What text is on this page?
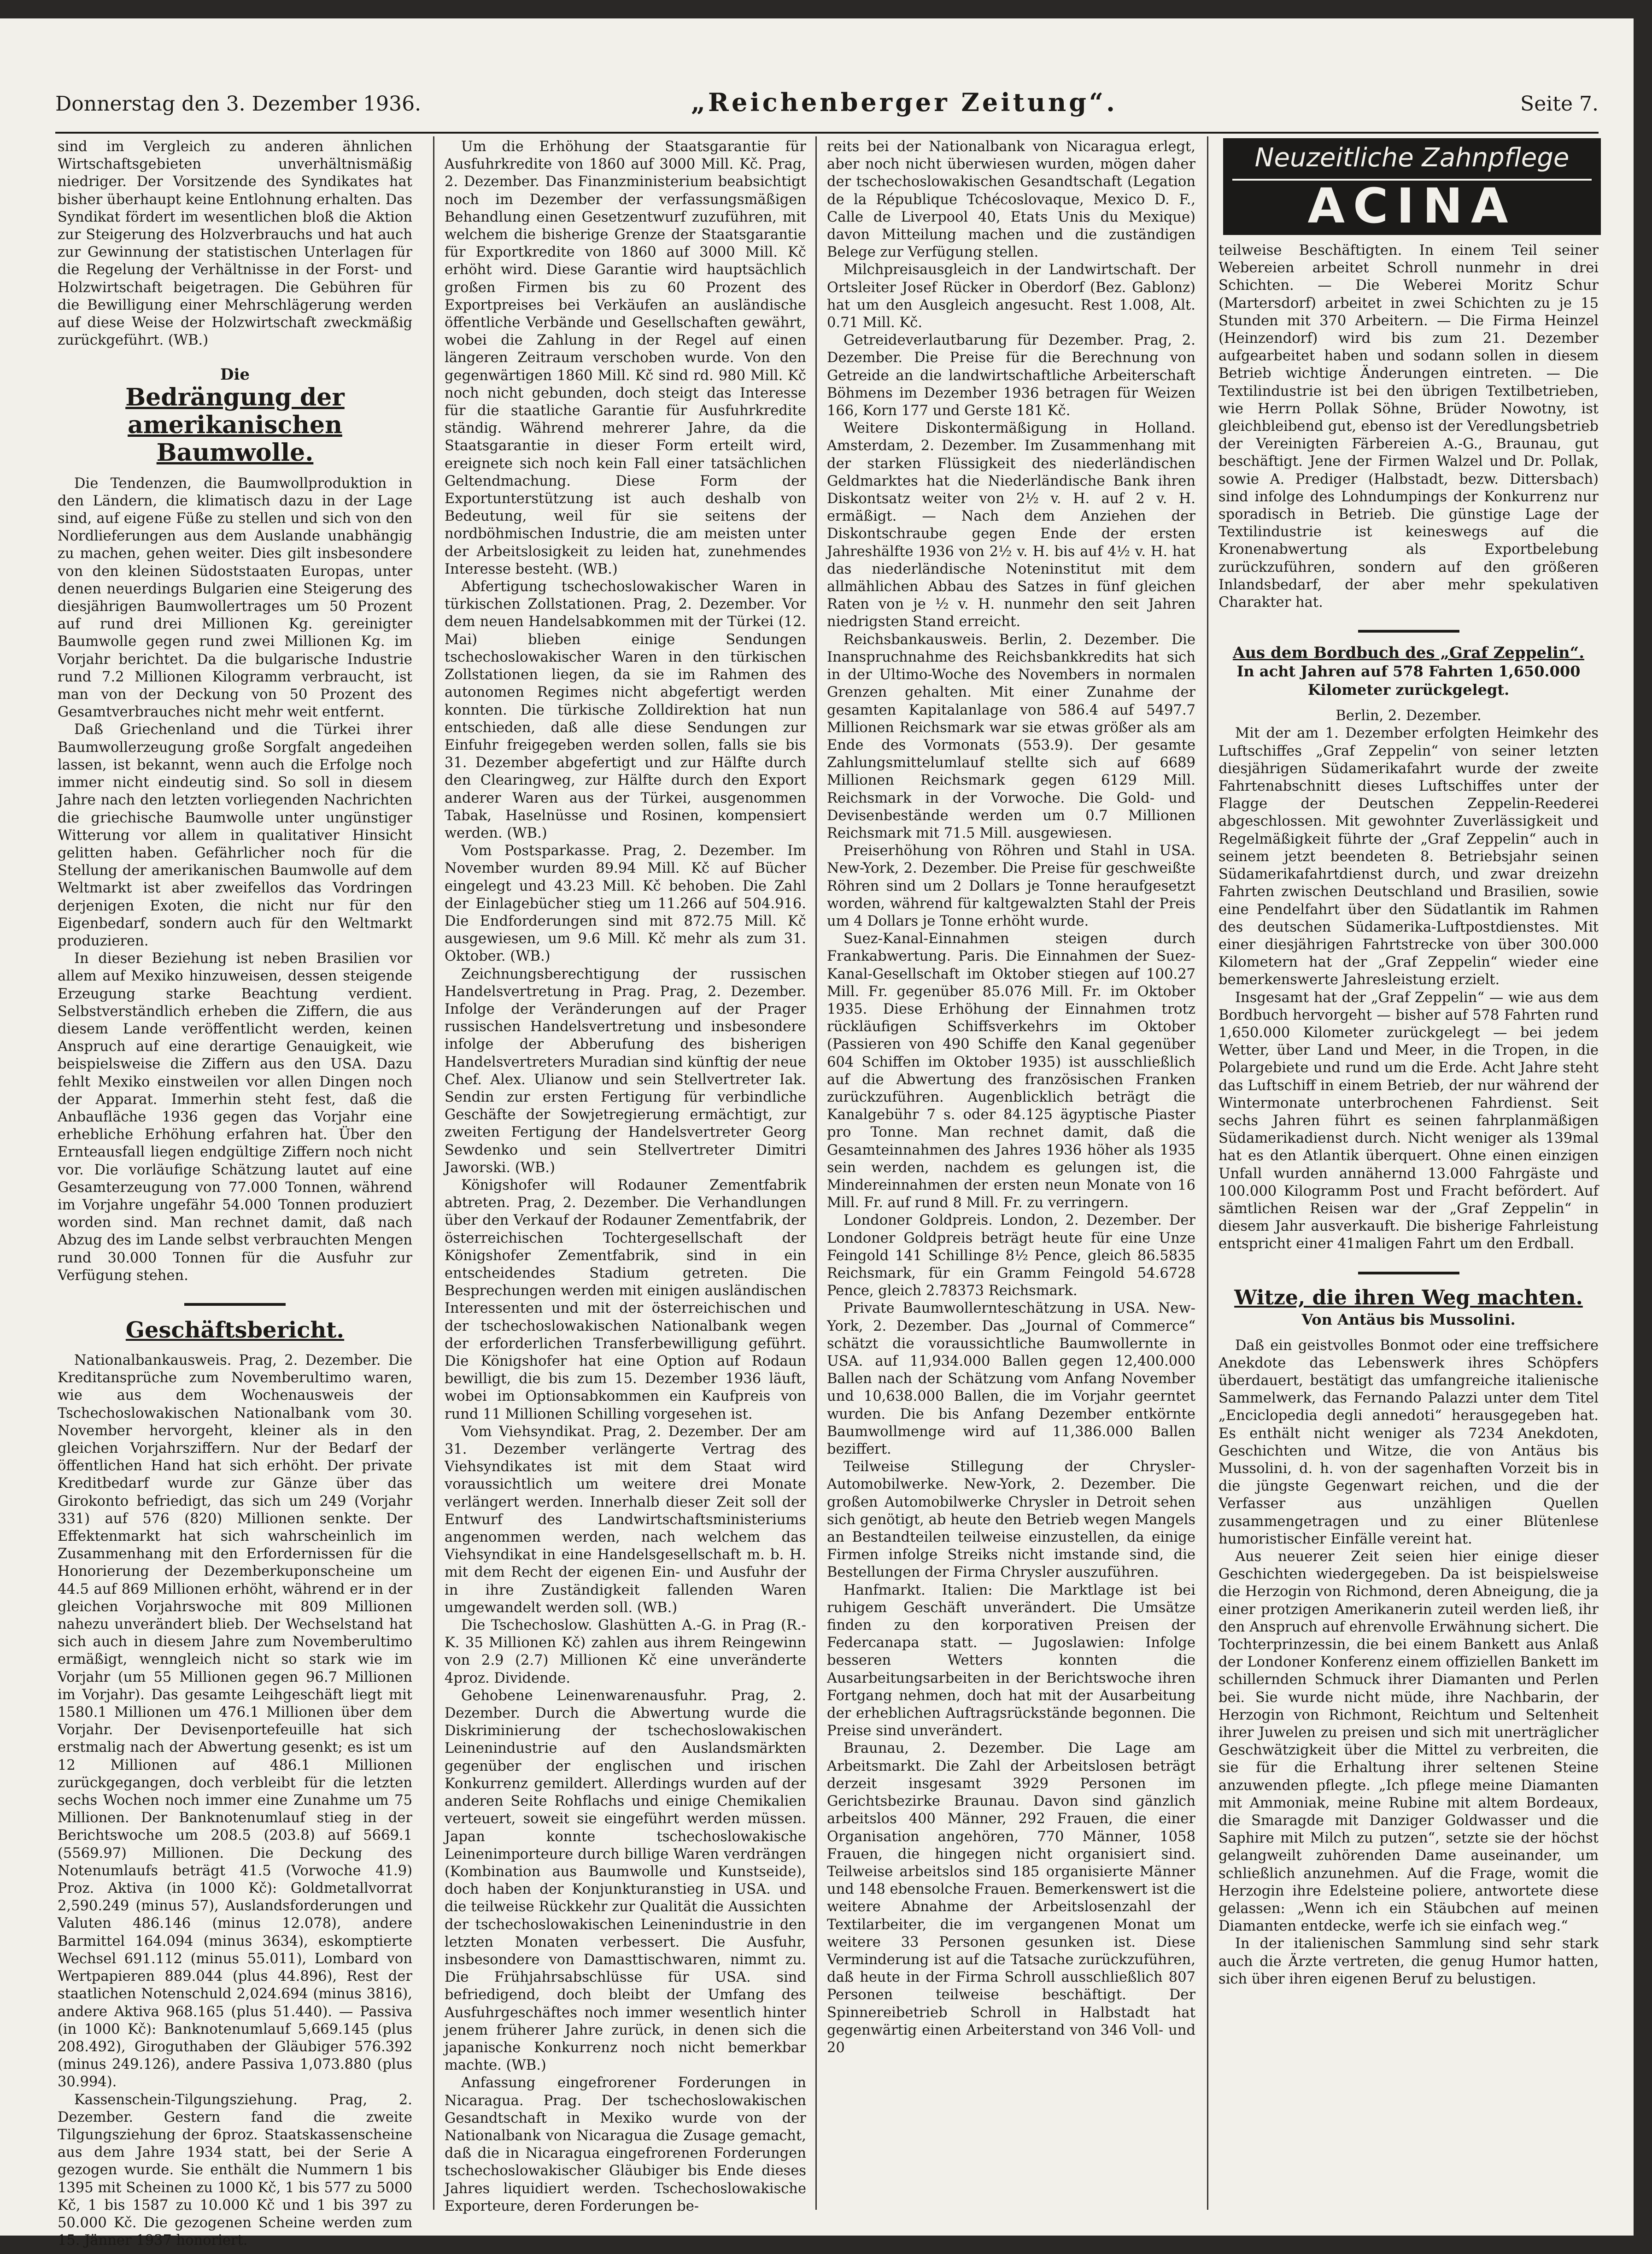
Donnerstag den 3. Dezember 1936.	„Reichenberger Zeitung“.	Seite 7.

sind im Vergleich zu anderen ähnlichen Wirtschaftsgebieten unverhältnismäßig niedriger. Der Vorsitzende des Syndikates hat bisher überhaupt keine Entlohnung erhalten. Das Syndikat fördert im wesentlichen bloß die Aktion zur Steigerung des Holzverbrauchs und hat auch zur Gewinnung der statistischen Unterlagen für die Regelung der Verhältnisse in der Forst- und Holzwirtschaft beigetragen. Die Gebühren für die Bewilligung einer Mehrschlägerung werden auf diese Weise der Holzwirtschaft zweckmäßig zurückgeführt. (WB.)

Die
Bedrängung der amerikanischen Baumwolle.

Die Tendenzen, die Baumwollproduktion in den Ländern, die klimatisch dazu in der Lage sind, auf eigene Füße zu stellen und sich von den Nordlieferungen aus dem Auslande unabhängig zu machen, gehen weiter. Dies gilt insbesondere von den kleinen Südoststaaten Europas, unter denen neuerdings Bulgarien eine Steigerung des diesjährigen Baumwollertrages um 50 Prozent auf rund drei Millionen Kg. gereinigter Baumwolle gegen rund zwei Millionen Kg. im Vorjahr berichtet. Da die bulgarische Industrie rund 7.2 Millionen Kilogramm verbraucht, ist man von der Deckung von 50 Prozent des Gesamtverbrauches nicht mehr weit entfernt.

Daß Griechenland und die Türkei ihrer Baumwollerzeugung große Sorgfalt angedeihen lassen, ist bekannt, wenn auch die Erfolge noch immer nicht eindeutig sind. So soll in diesem Jahre nach den letzten vorliegenden Nachrichten die griechische Baumwolle unter ungünstiger Witterung vor allem in qualitativer Hinsicht gelitten haben. Gefährlicher noch für die Stellung der amerikanischen Baumwolle auf dem Weltmarkt ist aber zweifellos das Vordringen derjenigen Exoten, die nicht nur für den Eigenbedarf, sondern auch für den Weltmarkt produzieren.

In dieser Beziehung ist neben Brasilien vor allem auf Mexiko hinzuweisen, dessen steigende Erzeugung starke Beachtung verdient. Selbstverständlich erheben die Ziffern, die aus diesem Lande veröffentlicht werden, keinen Anspruch auf eine derartige Genauigkeit, wie beispielsweise die Ziffern aus den USA. Dazu fehlt Mexiko einstweilen vor allen Dingen noch der Apparat. Immerhin steht fest, daß die Anbaufläche 1936 gegen das Vorjahr eine erhebliche Erhöhung erfahren hat. Über den Ernteausfall liegen endgültige Ziffern noch nicht vor. Die vorläufige Schätzung lautet auf eine Gesamterzeugung von 77.000 Tonnen, während im Vorjahre ungefähr 54.000 Tonnen produziert worden sind. Man rechnet damit, daß nach Abzug des im Lande selbst verbrauchten Mengen rund 30.000 Tonnen für die Ausfuhr zur Verfügung stehen.

Geschäftsbericht.

Nationalbankausweis. Prag, 2. Dezember. Die Kreditansprüche zum Novemberultimo waren, wie aus dem Wochenausweis der Tschechoslowakischen Nationalbank vom 30. November hervorgeht, kleiner als in den gleichen Vorjahrsziffern. Nur der Bedarf der öffentlichen Hand hat sich erhöht. Der private Kreditbedarf wurde zur Gänze über das Girokonto befriedigt, das sich um 249 (Vorjahr 331) auf 576 (820) Millionen senkte. Der Effektenmarkt hat sich wahrscheinlich im Zusammenhang mit den Erfordernissen für die Honorierung der Dezemberkuponscheine um 44.5 auf 869 Millionen erhöht, während er in der gleichen Vorjahrswoche mit 809 Millionen nahezu unverändert blieb. Der Wechselstand hat sich auch in diesem Jahre zum Novemberultimo ermäßigt, wenngleich nicht so stark wie im Vorjahr (um 55 Millionen gegen 96.7 Millionen im Vorjahr). Das gesamte Leihgeschäft liegt mit 1580.1 Millionen um 476.1 Millionen über dem Vorjahr. Der Devisenportefeuille hat sich erstmalig nach der Abwertung gesenkt; es ist um 12 Millionen auf 486.1 Millionen zurückgegangen, doch verbleibt für die letzten sechs Wochen noch immer eine Zunahme um 75 Millionen. Der Banknotenumlauf stieg in der Berichtswoche um 208.5 (203.8) auf 5669.1 (5569.97) Millionen. Die Deckung des Notenumlaufs beträgt 41.5 (Vorwoche 41.9) Proz. Aktiva (in 1000 Kč): Goldmetallvorrat 2,590.249 (minus 57), Auslandsforderungen und Valuten 486.146 (minus 12.078), andere Barmittel 164.094 (minus 3634), eskomptierte Wechsel 691.112 (minus 55.011), Lombard von Wertpapieren 889.044 (plus 44.896), Rest der staatlichen Notenschuld 2,024.694 (minus 3816), andere Aktiva 968.165 (plus 51.440). — Passiva (in 1000 Kč): Banknotenumlauf 5,669.145 (plus 208.492), Giroguthaben der Gläubiger 576.392 (minus 249.126), andere Passiva 1,073.880 (plus 30.994).

Kassenschein-Tilgungsziehung. Prag, 2. Dezember. Gestern fand die zweite Tilgungsziehung der 6proz. Staatskassenscheine aus dem Jahre 1934 statt, bei der Serie A gezogen wurde. Sie enthält die Nummern 1 bis 1395 mit Scheinen zu 1000 Kč, 1 bis 577 zu 5000 Kč, 1 bis 1587 zu 10.000 Kč und 1 bis 397 zu 50.000 Kč. Die gezogenen Scheine werden zum 15. Jänner 1937 honoriert.

Um die Erhöhung der Staatsgarantie für Ausfuhrkredite von 1860 auf 3000 Mill. Kč. Prag, 2. Dezember. Das Finanzministerium beabsichtigt noch im Dezember der verfassungsmäßigen Behandlung einen Gesetzentwurf zuzuführen, mit welchem die bisherige Grenze der Staatsgarantie für Exportkredite von 1860 auf 3000 Mill. Kč erhöht wird. Diese Garantie wird hauptsächlich großen Firmen bis zu 60 Prozent des Exportpreises bei Verkäufen an ausländische öffentliche Verbände und Gesellschaften gewährt, wobei die Zahlung in der Regel auf einen längeren Zeitraum verschoben wurde. Von den gegenwärtigen 1860 Mill. Kč sind rd. 980 Mill. Kč noch nicht gebunden, doch steigt das Interesse für die staatliche Garantie für Ausfuhrkredite ständig. Während mehrerer Jahre, da die Staatsgarantie in dieser Form erteilt wird, ereignete sich noch kein Fall einer tatsächlichen Geltendmachung. Diese Form der Exportunterstützung ist auch deshalb von Bedeutung, weil für sie seitens der nordböhmischen Industrie, die am meisten unter der Arbeitslosigkeit zu leiden hat, zunehmendes Interesse besteht. (WB.)

Abfertigung tschechoslowakischer Waren in türkischen Zollstationen. Prag, 2. Dezember. Vor dem neuen Handelsabkommen mit der Türkei (12. Mai) blieben einige Sendungen tschechoslowakischer Waren in den türkischen Zollstationen liegen, da sie im Rahmen des autonomen Regimes nicht abgefertigt werden konnten. Die türkische Zolldirektion hat nun entschieden, daß alle diese Sendungen zur Einfuhr freigegeben werden sollen, falls sie bis 31. Dezember abgefertigt und zur Hälfte durch den Clearingweg, zur Hälfte durch den Export anderer Waren aus der Türkei, ausgenommen Tabak, Haselnüsse und Rosinen, kompensiert werden. (WB.)

Vom Postsparkasse. Prag, 2. Dezember. Im November wurden 89.94 Mill. Kč auf Bücher eingelegt und 43.23 Mill. Kč behoben. Die Zahl der Einlagebücher stieg um 11.266 auf 504.916. Die Endforderungen sind mit 872.75 Mill. Kč ausgewiesen, um 9.6 Mill. Kč mehr als zum 31. Oktober. (WB.)

Zeichnungsberechtigung der russischen Handelsvertretung in Prag. Prag, 2. Dezember. Infolge der Veränderungen auf der Prager russischen Handelsvertretung und insbesondere infolge der Abberufung des bisherigen Handelsvertreters Muradian sind künftig der neue Chef. Alex. Ulianow und sein Stellvertreter Iak. Sendin zur ersten Fertigung für verbindliche Geschäfte der Sowjetregierung ermächtigt, zur zweiten Fertigung der Handelsvertreter Georg Sewdenko und sein Stellvertreter Dimitri Jaworski. (WB.)

Königshofer will Rodauner Zementfabrik abtreten. Prag, 2. Dezember. Die Verhandlungen über den Verkauf der Rodauner Zementfabrik, der österreichischen Tochtergesellschaft der Königshofer Zementfabrik, sind in ein entscheidendes Stadium getreten. Die Besprechungen werden mit einigen ausländischen Interessenten und mit der österreichischen und der tschechoslowakischen Nationalbank wegen der erforderlichen Transferbewilligung geführt. Die Königshofer hat eine Option auf Rodaun bewilligt, die bis zum 15. Dezember 1936 läuft, wobei im Optionsabkommen ein Kaufpreis von rund 11 Millionen Schilling vorgesehen ist.

Vom Viehsyndikat. Prag, 2. Dezember. Der am 31. Dezember verlängerte Vertrag des Viehsyndikates ist mit dem Staat wird voraussichtlich um weitere drei Monate verlängert werden. Innerhalb dieser Zeit soll der Entwurf des Landwirtschaftsministeriums angenommen werden, nach welchem das Viehsyndikat in eine Handelsgesellschaft m. b. H. mit dem Recht der eigenen Ein- und Ausfuhr der in ihre Zuständigkeit fallenden Waren umgewandelt werden soll. (WB.)

Die Tschechoslow. Glashütten A.-G. in Prag (R.-K. 35 Millionen Kč) zahlen aus ihrem Reingewinn von 2.9 (2.7) Millionen Kč eine unveränderte 4proz. Dividende.

Gehobene Leinenwarenausfuhr. Prag, 2. Dezember. Durch die Abwertung wurde die Diskriminierung der tschechoslowakischen Leinenindustrie auf den Auslandsmärkten gegenüber der englischen und irischen Konkurrenz gemildert. Allerdings wurden auf der anderen Seite Rohflachs und einige Chemikalien verteuert, soweit sie eingeführt werden müssen. Japan konnte tschechoslowakische Leinenimporteure durch billige Waren verdrängen (Kombination aus Baumwolle und Kunstseide), doch haben der Konjunkturanstieg in USA. und die teilweise Rückkehr zur Qualität die Aussichten der tschechoslowakischen Leinenindustrie in den letzten Monaten verbessert. Die Ausfuhr, insbesondere von Damasttischwaren, nimmt zu. Die Frühjahrsabschlüsse für USA. sind befriedigend, doch bleibt der Umfang des Ausfuhrgeschäftes noch immer wesentlich hinter jenem früherer Jahre zurück, in denen sich die japanische Konkurrenz noch nicht bemerkbar machte. (WB.)

Anfassung eingefrorener Forderungen in Nicaragua. Prag. Der tschechoslowakischen Gesandtschaft in Mexiko wurde von der Nationalbank von Nicaragua die Zusage gemacht, daß die in Nicaragua eingefrorenen Forderungen tschechoslowakischer Gläubiger bis Ende dieses Jahres liquidiert werden. Tschechoslowakische Exporteure, deren Forderungen be-

reits bei der Nationalbank von Nicaragua erlegt, aber noch nicht überwiesen wurden, mögen daher der tschechoslowakischen Gesandtschaft (Legation de la République Tchécoslovaque, Mexico D. F., Calle de Liverpool 40, Etats Unis du Mexique) davon Mitteilung machen und die zuständigen Belege zur Verfügung stellen.

Milchpreisausgleich in der Landwirtschaft. Der Ortsleiter Josef Rücker in Oberdorf (Bez. Gablonz) hat um den Ausgleich angesucht. Rest 1.008, Alt. 0.71 Mill. Kč.

Getreideverlautbarung für Dezember. Prag, 2. Dezember. Die Preise für die Berechnung von Getreide an die landwirtschaftliche Arbeiterschaft Böhmens im Dezember 1936 betragen für Weizen 166, Korn 177 und Gerste 181 Kč.

Weitere Diskontermäßigung in Holland. Amsterdam, 2. Dezember. Im Zusammenhang mit der starken Flüssigkeit des niederländischen Geldmarktes hat die Niederländische Bank ihren Diskontsatz weiter von 2½ v. H. auf 2 v. H. ermäßigt. — Nach dem Anziehen der Diskontschraube gegen Ende der ersten Jahreshälfte 1936 von 2½ v. H. bis auf 4½ v. H. hat das niederländische Noteninstitut mit dem allmählichen Abbau des Satzes in fünf gleichen Raten von je ½ v. H. nunmehr den seit Jahren niedrigsten Stand erreicht.

Reichsbankausweis. Berlin, 2. Dezember. Die Inanspruchnahme des Reichsbankkredits hat sich in der Ultimo-Woche des Novembers in normalen Grenzen gehalten. Mit einer Zunahme der gesamten Kapitalanlage von 586.4 auf 5497.7 Millionen Reichsmark war sie etwas größer als am Ende des Vormonats (553.9). Der gesamte Zahlungsmittelumlauf stellte sich auf 6689 Millionen Reichsmark gegen 6129 Mill. Reichsmark in der Vorwoche. Die Gold- und Devisenbestände werden um 0.7 Millionen Reichsmark mit 71.5 Mill. ausgewiesen.

Preiserhöhung von Röhren und Stahl in USA. New-York, 2. Dezember. Die Preise für geschweißte Röhren sind um 2 Dollars je Tonne heraufgesetzt worden, während für kaltgewalzten Stahl der Preis um 4 Dollars je Tonne erhöht wurde.

Suez-Kanal-Einnahmen steigen durch Frankabwertung. Paris. Die Einnahmen der Suez-Kanal-Gesellschaft im Oktober stiegen auf 100.27 Mill. Fr. gegenüber 85.076 Mill. Fr. im Oktober 1935. Diese Erhöhung der Einnahmen trotz rückläufigen Schiffsverkehrs im Oktober (Passieren von 490 Schiffe den Kanal gegenüber 604 Schiffen im Oktober 1935) ist ausschließlich auf die Abwertung des französischen Franken zurückzuführen. Augenblicklich beträgt die Kanalgebühr 7 s. oder 84.125 ägyptische Piaster pro Tonne. Man rechnet damit, daß die Gesamteinnahmen des Jahres 1936 höher als 1935 sein werden, nachdem es gelungen ist, die Mindereinnahmen der ersten neun Monate von 16 Mill. Fr. auf rund 8 Mill. Fr. zu verringern.

Londoner Goldpreis. London, 2. Dezember. Der Londoner Goldpreis beträgt heute für eine Unze Feingold 141 Schillinge 8½ Pence, gleich 86.5835 Reichsmark, für ein Gramm Feingold 54.6728 Pence, gleich 2.78373 Reichsmark.

Private Baumwollernteschätzung in USA. New-York, 2. Dezember. Das „Journal of Commerce“ schätzt die voraussichtliche Baumwollernte in USA. auf 11,934.000 Ballen gegen 12,400.000 Ballen nach der Schätzung vom Anfang November und 10,638.000 Ballen, die im Vorjahr geerntet wurden. Die bis Anfang Dezember entkörnte Baumwollmenge wird auf 11,386.000 Ballen beziffert.

Teilweise Stillegung der Chrysler-Automobilwerke. New-York, 2. Dezember. Die großen Automobilwerke Chrysler in Detroit sehen sich genötigt, ab heute den Betrieb wegen Mangels an Bestandteilen teilweise einzustellen, da einige Firmen infolge Streiks nicht imstande sind, die Bestellungen der Firma Chrysler auszuführen.

Hanfmarkt. Italien: Die Marktlage ist bei ruhigem Geschäft unverändert. Die Umsätze finden zu den korporativen Preisen der Federcanapa statt. — Jugoslawien: Infolge besseren Wetters konnten die Ausarbeitungsarbeiten in der Berichtswoche ihren Fortgang nehmen, doch hat mit der Ausarbeitung der erheblichen Auftragsrückstände begonnen. Die Preise sind unverändert.

Braunau, 2. Dezember. Die Lage am Arbeitsmarkt. Die Zahl der Arbeitslosen beträgt derzeit insgesamt 3929 Personen im Gerichtsbezirke Braunau. Davon sind gänzlich arbeitslos 400 Männer, 292 Frauen, die einer Organisation angehören, 770 Männer, 1058 Frauen, die hingegen nicht organisiert sind. Teilweise arbeitslos sind 185 organisierte Männer und 148 ebensolche Frauen. Bemerkenswert ist die weitere Abnahme der Arbeitslosenzahl der Textilarbeiter, die im vergangenen Monat um weitere 33 Personen gesunken ist. Diese Verminderung ist auf die Tatsache zurückzuführen, daß heute in der Firma Schroll ausschließlich 807 Personen teilweise beschäftigt. Der Spinnereibetrieb Schroll in Halbstadt hat gegenwärtig einen Arbeiterstand von 346 Voll- und 20

Neuzeitliche Zahnpflege
ACINA

teilweise Beschäftigten. In einem Teil seiner Webereien arbeitet Schroll nunmehr in drei Schichten. — Die Weberei Moritz Schur (Martersdorf) arbeitet in zwei Schichten zu je 15 Stunden mit 370 Arbeitern. — Die Firma Heinzel (Heinzendorf) wird bis zum 21. Dezember aufgearbeitet haben und sodann sollen in diesem Betrieb wichtige Änderungen eintreten. — Die Textilindustrie ist bei den übrigen Textilbetrieben, wie Herrn Pollak Söhne, Brüder Nowotny, ist gleichbleibend gut, ebenso ist der Veredlungsbetrieb der Vereinigten Färbereien A.-G., Braunau, gut beschäftigt. Jene der Firmen Walzel und Dr. Pollak, sowie A. Prediger (Halbstadt, bezw. Dittersbach) sind infolge des Lohndumpings der Konkurrenz nur sporadisch in Betrieb. Die günstige Lage der Textilindustrie ist keineswegs auf die Kronenabwertung als Exportbelebung zurückzuführen, sondern auf den größeren Inlandsbedarf, der aber mehr spekulativen Charakter hat.

Aus dem Bordbuch des „Graf Zeppelin“.
In acht Jahren auf 578 Fahrten 1,650.000 Kilometer zurückgelegt.

Berlin, 2. Dezember.

Mit der am 1. Dezember erfolgten Heimkehr des Luftschiffes „Graf Zeppelin“ von seiner letzten diesjährigen Südamerikafahrt wurde der zweite Fahrtenabschnitt dieses Luftschiffes unter der Flagge der Deutschen Zeppelin-Reederei abgeschlossen. Mit gewohnter Zuverlässigkeit und Regelmäßigkeit führte der „Graf Zeppelin“ auch in seinem jetzt beendeten 8. Betriebsjahr seinen Südamerikafahrtdienst durch, und zwar dreizehn Fahrten zwischen Deutschland und Brasilien, sowie eine Pendelfahrt über den Südatlantik im Rahmen des deutschen Südamerika-Luftpostdienstes. Mit einer diesjährigen Fahrtstrecke von über 300.000 Kilometern hat der „Graf Zeppelin“ wieder eine bemerkenswerte Jahresleistung erzielt.

Insgesamt hat der „Graf Zeppelin“ — wie aus dem Bordbuch hervorgeht — bisher auf 578 Fahrten rund 1,650.000 Kilometer zurückgelegt — bei jedem Wetter, über Land und Meer, in die Tropen, in die Polargebiete und rund um die Erde. Acht Jahre steht das Luftschiff in einem Betrieb, der nur während der Wintermonate unterbrochenen Fahrdienst. Seit sechs Jahren führt es seinen fahrplanmäßigen Südamerikadienst durch. Nicht weniger als 139mal hat es den Atlantik überquert. Ohne einen einzigen Unfall wurden annähernd 13.000 Fahrgäste und 100.000 Kilogramm Post und Fracht befördert. Auf sämtlichen Reisen war der „Graf Zeppelin“ in diesem Jahr ausverkauft. Die bisherige Fahrleistung entspricht einer 41maligen Fahrt um den Erdball.

Witze, die ihren Weg machten.
Von Antäus bis Mussolini.

Daß ein geistvolles Bonmot oder eine treffsichere Anekdote das Lebenswerk ihres Schöpfers überdauert, bestätigt das umfangreiche italienische Sammelwerk, das Fernando Palazzi unter dem Titel „Enciclopedia degli annedoti“ herausgegeben hat. Es enthält nicht weniger als 7234 Anekdoten, Geschichten und Witze, die von Antäus bis Mussolini, d. h. von der sagenhaften Vorzeit bis in die jüngste Gegenwart reichen, und die der Verfasser aus unzähligen Quellen zusammengetragen und zu einer Blütenlese humoristischer Einfälle vereint hat.

Aus neuerer Zeit seien hier einige dieser Geschichten wiedergegeben. Da ist beispielsweise die Herzogin von Richmond, deren Abneigung, die ja einer protzigen Amerikanerin zuteil werden ließ, ihr den Anspruch auf ehrenvolle Erwähnung sichert. Die Tochterprinzessin, die bei einem Bankett aus Anlaß der Londoner Konferenz einem offiziellen Bankett im schillernden Schmuck ihrer Diamanten und Perlen bei. Sie wurde nicht müde, ihre Nachbarin, der Herzogin von Richmont, Reichtum und Seltenheit ihrer Juwelen zu preisen und sich mit unerträglicher Geschwätzigkeit über die Mittel zu verbreiten, die sie für die Erhaltung ihrer seltenen Steine anzuwenden pflegte. „Ich pflege meine Diamanten mit Ammoniak, meine Rubine mit altem Bordeaux, die Smaragde mit Danziger Goldwasser und die Saphire mit Milch zu putzen“, setzte sie der höchst gelangweilt zuhörenden Dame auseinander, um schließlich anzunehmen. Auf die Frage, womit die Herzogin ihre Edelsteine poliere, antwortete diese gelassen: „Wenn ich ein Stäubchen auf meinen Diamanten entdecke, werfe ich sie einfach weg.“

In der italienischen Sammlung sind sehr stark auch die Ärzte vertreten, die genug Humor hatten, sich über ihren eigenen Beruf zu belustigen.
